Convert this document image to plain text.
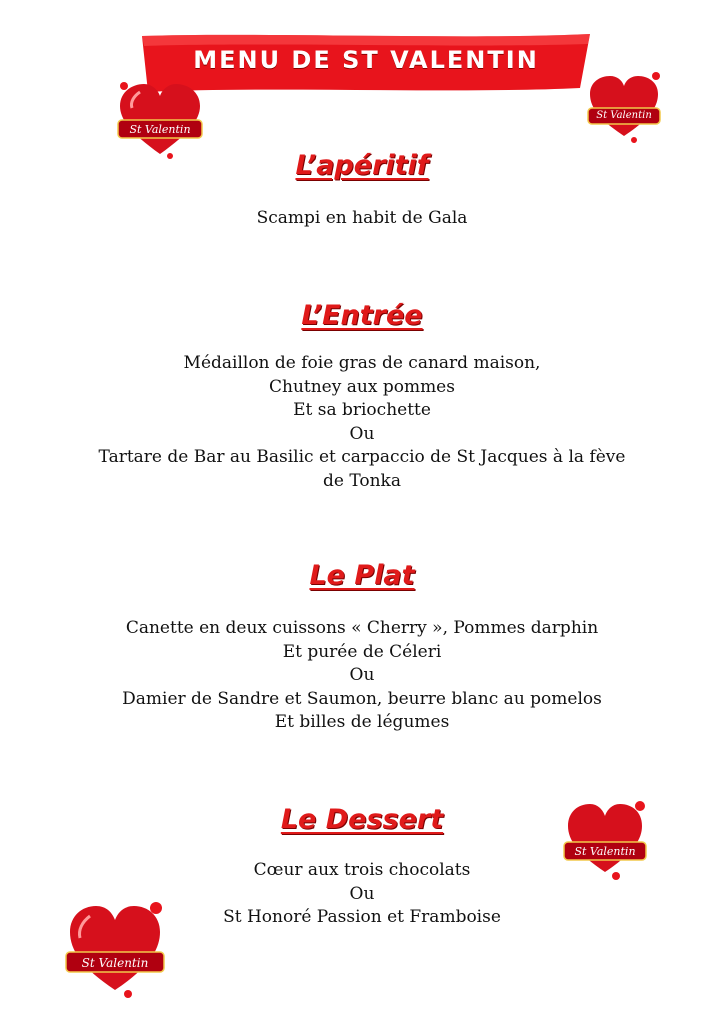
MENU DE ST VALENTIN
St Valentin
St Valentin
St Valentin
St Valentin
L’apéritif
Scampi en habit de Gala
L’Entrée
Médaillon de foie gras de canard maison,
Chutney aux pommes
Et sa briochette
Ou
Tartare de Bar au Basilic et carpaccio de St Jacques à la fève
de Tonka
Le Plat
Canette en deux cuissons « Cherry », Pommes darphin
Et purée de Céleri
Ou
Damier de Sandre et Saumon, beurre blanc au pomelos
Et billes de légumes
Le Dessert
Cœur aux trois chocolats
Ou
St Honoré Passion et Framboise
